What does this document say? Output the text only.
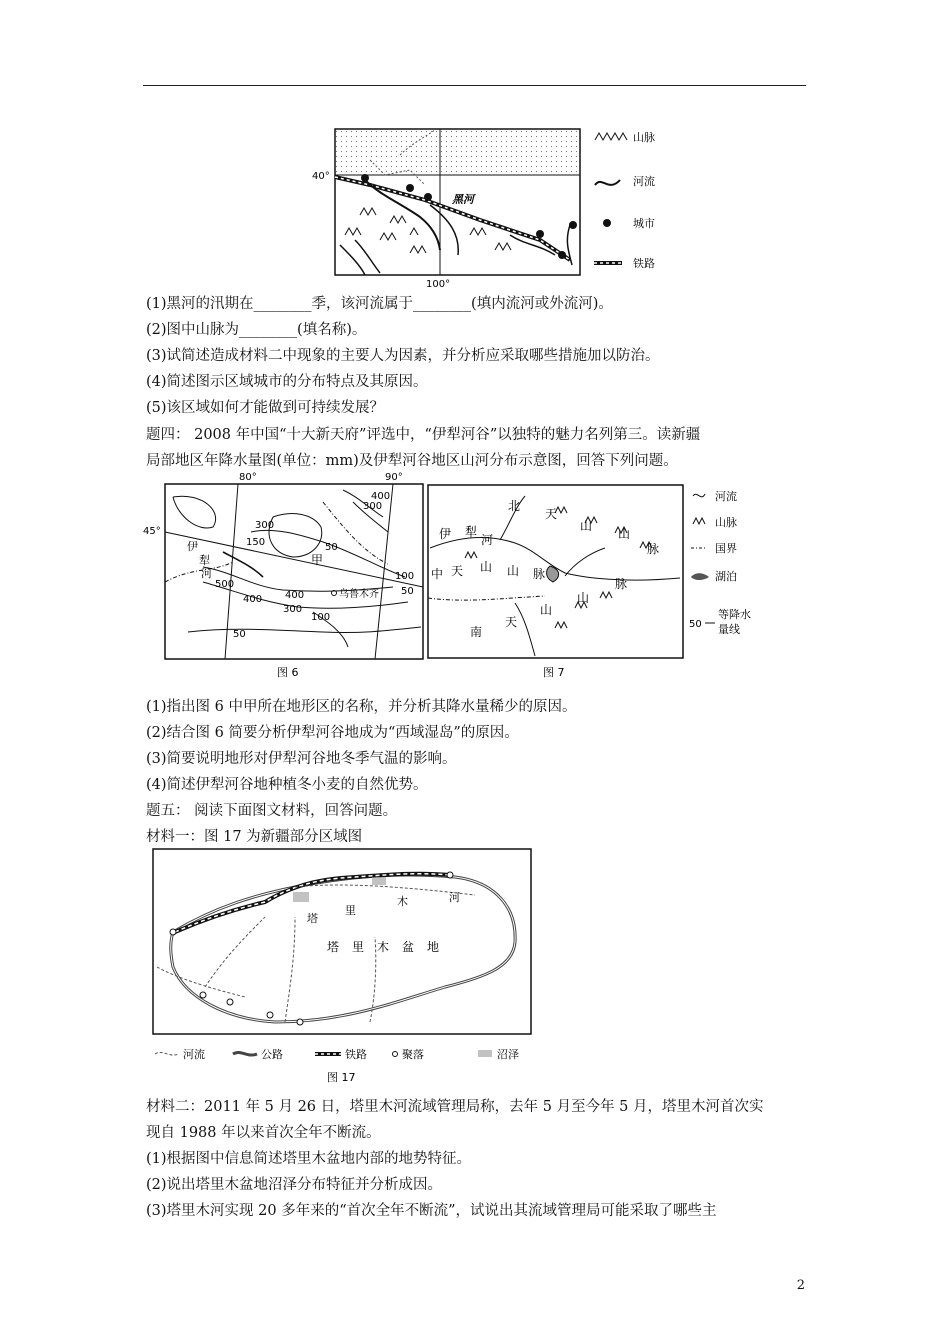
40°
100°
黑河
山脉
河流
城市
铁路
(1)黑河的汛期在________季，该河流属于________(填内流河或外流河)。
(2)图中山脉为________(填名称)。
(3)试简述造成材料二中现象的主要人为因素，并分析应采取哪些措施加以防治。
(4)简述图示区域城市的分布特点及其原因。
(5)该区域如何才能做到可持续发展？
题四： 2008 年中国“十大新天府”评选中，“伊犁河谷”以独特的魅力名列第三。读新疆
局部地区年降水量图(单位：mm)及伊犁河谷地区山河分布示意图，回答下列问题。
80°	90°
45°
400
300
300
150	50
100
50
500
400 400
300
100
50
甲
伊
犁
河
乌鲁木齐
图 6
北
天
山
山
脉
伊 犁
河
中 天 山 山 脉
南
天
山
山
脉
河流
山脉
国界
湖泊
50
等降水
量线
图 7
(1)指出图 6 中甲所在地形区的名称，并分析其降水量稀少的原因。
(2)结合图 6 简要分析伊犁河谷地成为“西域湿岛”的原因。
(3)简要说明地形对伊犁河谷地冬季气温的影响。
(4)简述伊犁河谷地种植冬小麦的自然优势。
题五： 阅读下面图文材料，回答问题。
材料一：图 17 为新疆部分区域图
塔
里
木	河
塔 里 木 盆 地
河流	公路	铁路	聚落	沼泽
图 17
材料二：2011 年 5 月 26 日，塔里木河流域管理局称，去年 5 月至今年 5 月，塔里木河首次实
现自 1988 年以来首次全年不断流。
(1)根据图中信息简述塔里木盆地内部的地势特征。
(2)说出塔里木盆地沼泽分布特征并分析成因。
(3)塔里木河实现 20 多年来的“首次全年不断流”，试说出其流域管理局可能采取了哪些主
2
